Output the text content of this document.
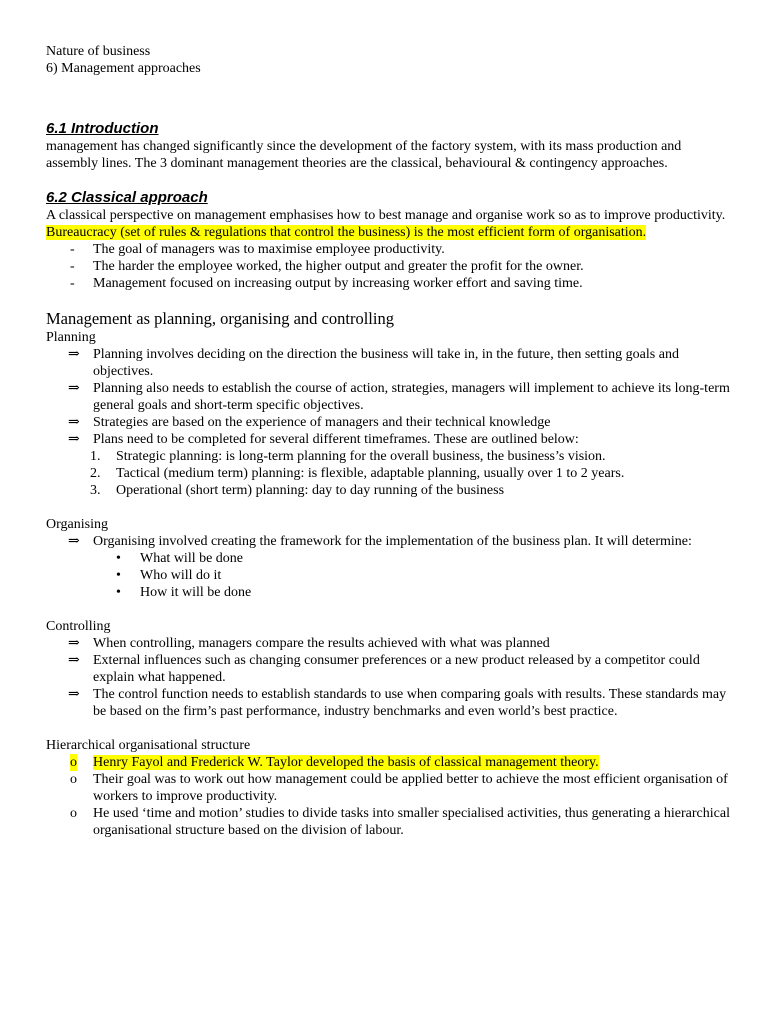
Nature of business

6) Management approaches

6.1 Introduction

management has changed significantly since the development of the factory system, with its mass production and assembly lines. The 3 dominant management theories are the classical, behavioural & contingency approaches.

6.2 Classical approach

A classical perspective on management emphasises how to best manage and organise work so as to improve productivity. Bureaucracy (set of rules & regulations that control the business) is the most efficient form of organisation.

- The goal of managers was to maximise employee productivity.
- The harder the employee worked, the higher output and greater the profit for the owner.
- Management focused on increasing output by increasing worker effort and saving time.

Management as planning, organising and controlling

Planning

⇒ Planning involves deciding on the direction the business will take in, in the future, then setting goals and objectives.
⇒ Planning also needs to establish the course of action, strategies, managers will implement to achieve its long-term general goals and short-term specific objectives.
⇒ Strategies are based on the experience of managers and their technical knowledge
⇒ Plans need to be completed for several different timeframes. These are outlined below:
1. Strategic planning: is long-term planning for the overall business, the business’s vision.
2. Tactical (medium term) planning: is flexible, adaptable planning, usually over 1 to 2 years.
3. Operational (short term) planning: day to day running of the business

Organising

⇒ Organising involved creating the framework for the implementation of the business plan. It will determine:
• What will be done
• Who will do it
• How it will be done

Controlling

⇒ When controlling, managers compare the results achieved with what was planned
⇒ External influences such as changing consumer preferences or a new product released by a competitor could explain what happened.
⇒ The control function needs to establish standards to use when comparing goals with results. These standards may be based on the firm’s past performance, industry benchmarks and even world’s best practice.

Hierarchical organisational structure

o Henry Fayol and Frederick W. Taylor developed the basis of classical management theory.
o Their goal was to work out how management could be applied better to achieve the most efficient organisation of workers to improve productivity.
o He used ‘time and motion’ studies to divide tasks into smaller specialised activities, thus generating a hierarchical organisational structure based on the division of labour.
